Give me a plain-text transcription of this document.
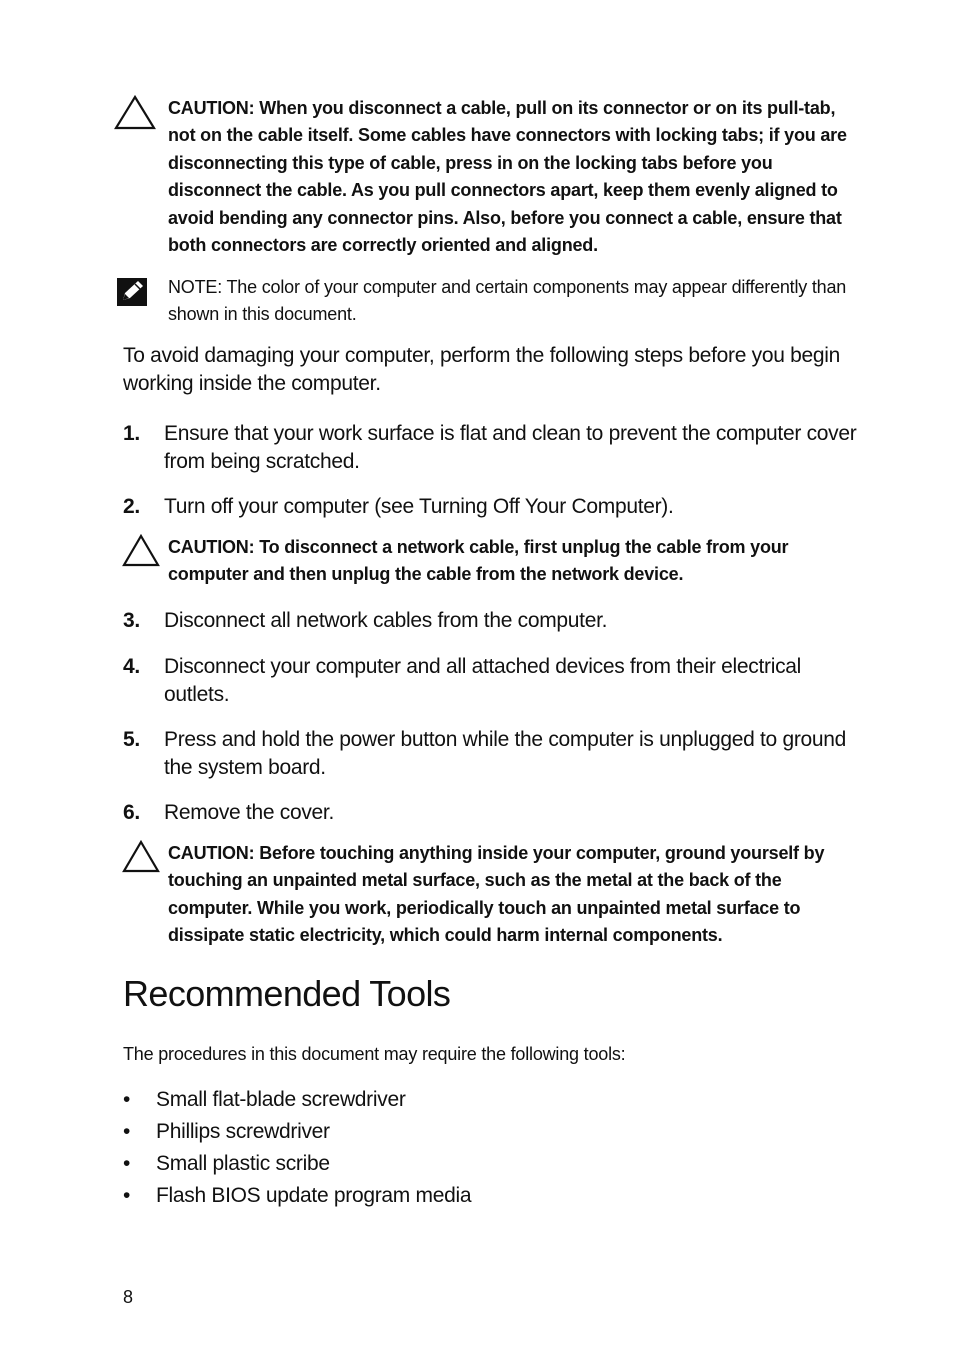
CAUTION: When you disconnect a cable, pull on its connector or on its pull-tab, not on the cable itself. Some cables have connectors with locking tabs; if you are disconnecting this type of cable, press in on the locking tabs before you disconnect the cable. As you pull connectors apart, keep them evenly aligned to avoid bending any connector pins. Also, before you connect a cable, ensure that both connectors are correctly oriented and aligned.
NOTE: The color of your computer and certain components may appear differently than shown in this document.
To avoid damaging your computer, perform the following steps before you begin working inside the computer.
1. Ensure that your work surface is flat and clean to prevent the computer cover from being scratched.
2. Turn off your computer (see Turning Off Your Computer).
CAUTION: To disconnect a network cable, first unplug the cable from your computer and then unplug the cable from the network device.
3. Disconnect all network cables from the computer.
4. Disconnect your computer and all attached devices from their electrical outlets.
5. Press and hold the power button while the computer is unplugged to ground the system board.
6. Remove the cover.
CAUTION: Before touching anything inside your computer, ground yourself by touching an unpainted metal surface, such as the metal at the back of the computer. While you work, periodically touch an unpainted metal surface to dissipate static electricity, which could harm internal components.
Recommended Tools
The procedures in this document may require the following tools:
• Small flat-blade screwdriver
• Phillips screwdriver
• Small plastic scribe
• Flash BIOS update program media
8
